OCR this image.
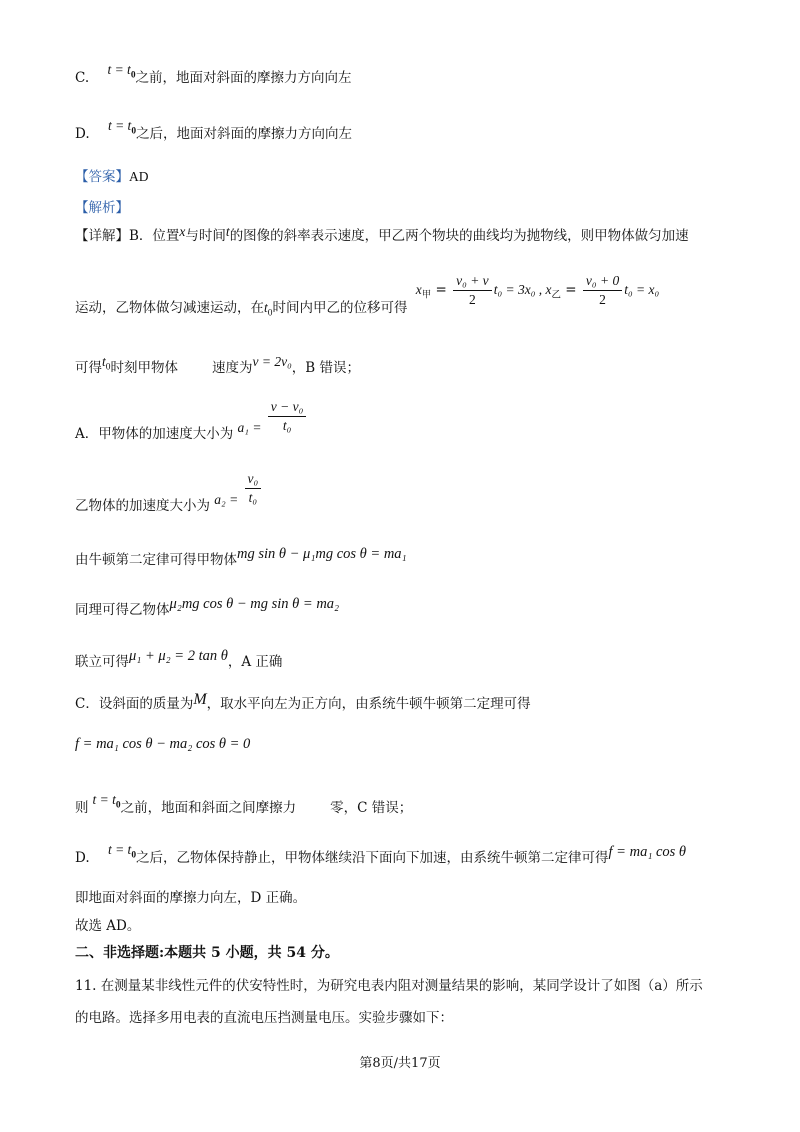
C. $t = t_0$之前，地面对斜面的摩擦力方向向左
D. $t = t_0$之后，地面对斜面的摩擦力方向向左
【答案】AD
【解析】
【详解】B．位置x与时间t的图像的斜率表示速度，甲乙两个物块的曲线均为抛物线，则甲物体做匀加速
运动，乙物体做匀减速运动，在$t_0$时间内甲乙的位移可得 $x_甲 = \frac{\text{v₀ + v}}{2} t_0 = 3x_0$ , $x_乙 = \frac{\text{v₀ + 0}}{2} t_0 = x_0$
可得$t_0$时刻甲物体	速度为v = 2v₀，B 错误；
A．甲物体的加速度大小为 $a_1 = \frac{\text{v − v₀}}{\text{t₀}}$
乙物体的加速度大小为 $a_2 = \frac{\text{v₀}}{\text{t₀}}$
由牛顿第二定律可得甲物体mg sin θ − μ₁mg cos θ = ma₁
同理可得乙物体μ₂mg cos θ − mg sin θ = ma₂
联立可得μ₁ + μ₂ = 2 tan θ，A 正确
C．设斜面的质量为M，取水平向左为正方向，由系统牛顿牛顿第二定理可得
f = ma₁ cos θ − ma₂ cos θ = 0
则$t = t_0$之前，地面和斜面之间摩擦力	零，C 错误；
D. $t = t_0$之后，乙物体保持静止，甲物体继续沿下面向下加速，由系统牛顿第二定律可得f = ma₁ cos θ
即地面对斜面的摩擦力向左，D 正确。
故选 AD。
二、非选择题:本题共 5 小题，共 54 分。
11. 在测量某非线性元件的伏安特性时，为研究电表内阻对测量结果的影响，某同学设计了如图（a）所示
的电路。选择多用电表的直流电压挡测量电压。实验步骤如下：
第8页/共17页
